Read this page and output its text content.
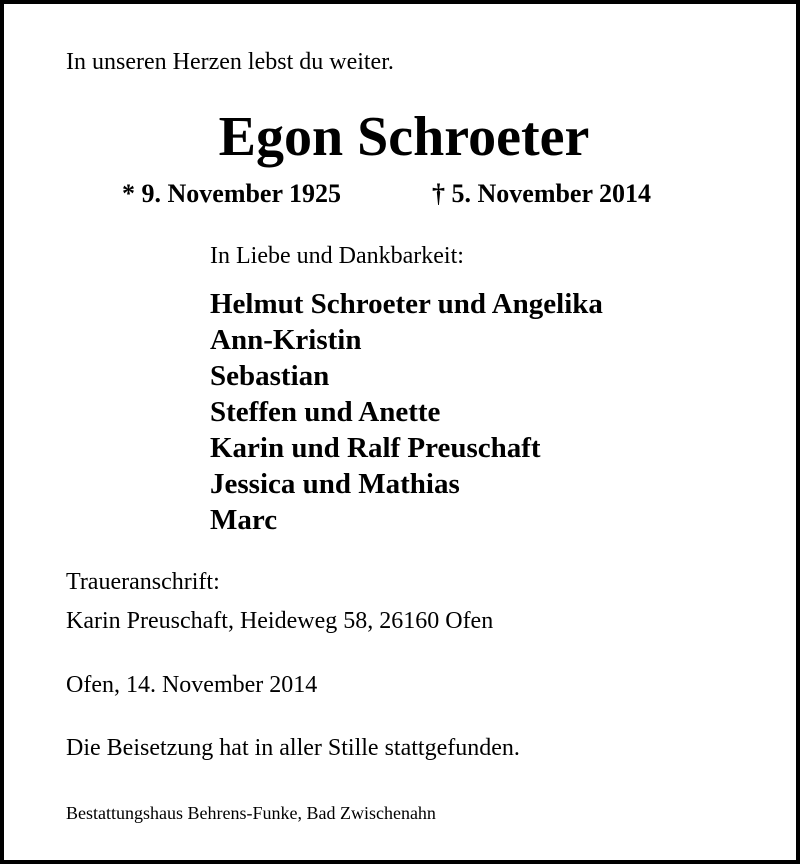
In unseren Herzen lebst du weiter.
Egon Schroeter
* 9. November 1925	† 5. November 2014
In Liebe und Dankbarkeit:
Helmut Schroeter und Angelika
Ann-Kristin
Sebastian
Steffen und Anette
Karin und Ralf Preuschaft
Jessica und Mathias
Marc
Traueranschrift:
Karin Preuschaft, Heideweg 58, 26160 Ofen
Ofen, 14. November 2014
Die Beisetzung hat in aller Stille stattgefunden.
Bestattungshaus Behrens-Funke, Bad Zwischenahn
